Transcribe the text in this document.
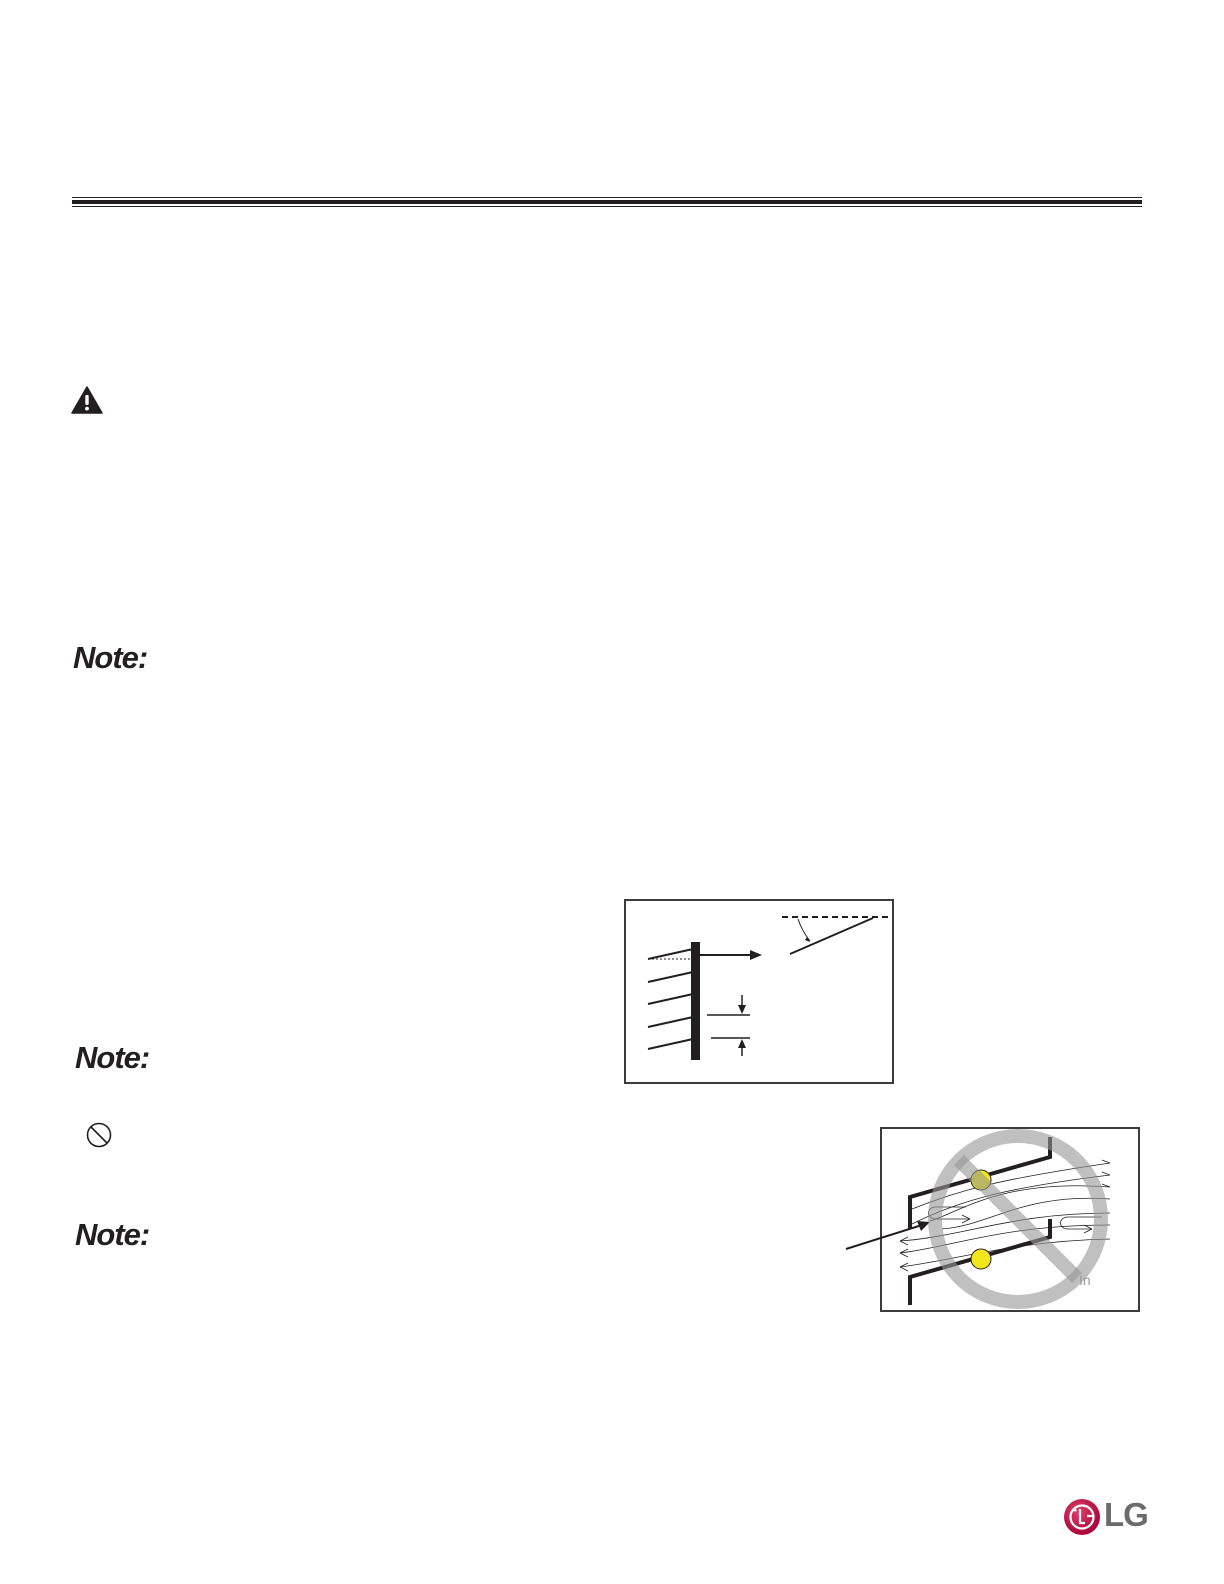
Note:
Note:
Note:
In
LG
